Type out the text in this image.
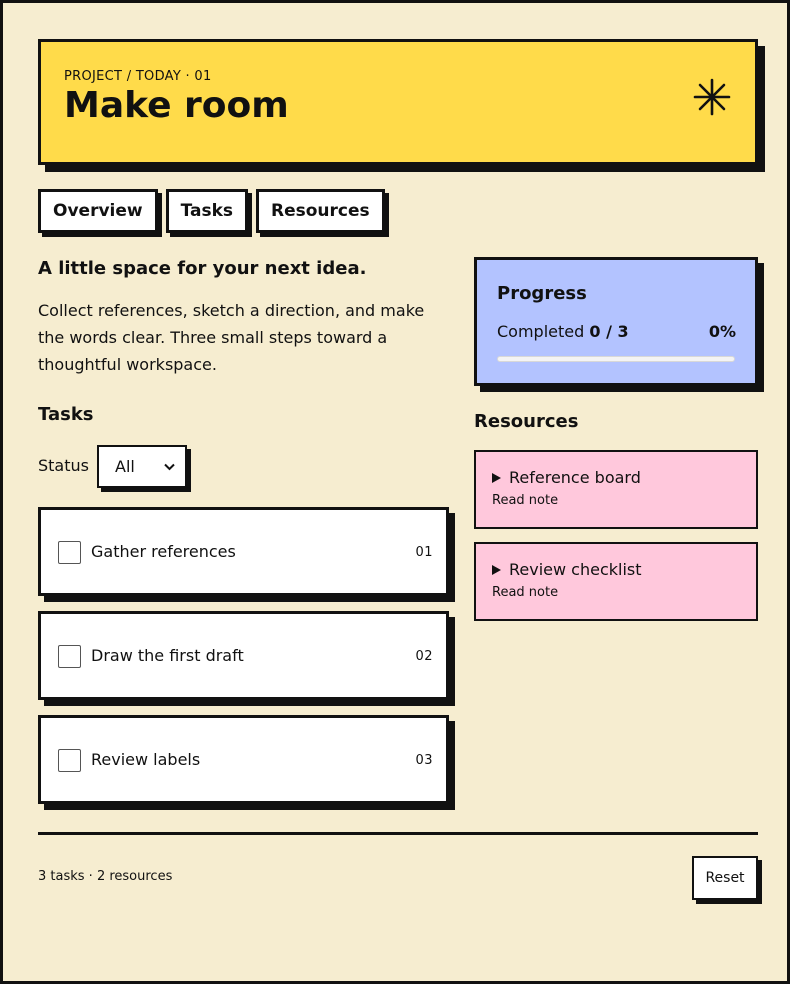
PROJECT / TODAY · 01
Make room
Overview	Tasks	Resources
A little space for your next idea.

Collect references, sketch a direction, and make the words clear. Three small steps toward a thoughtful workspace.

Tasks
Status All
Gather references	01
Draw the first draft	02
Review labels	03
Progress
Completed 0 / 3	0%
Resources
Reference board
Read note
Review checklist
Read note
3 tasks · 2 resources	Reset
